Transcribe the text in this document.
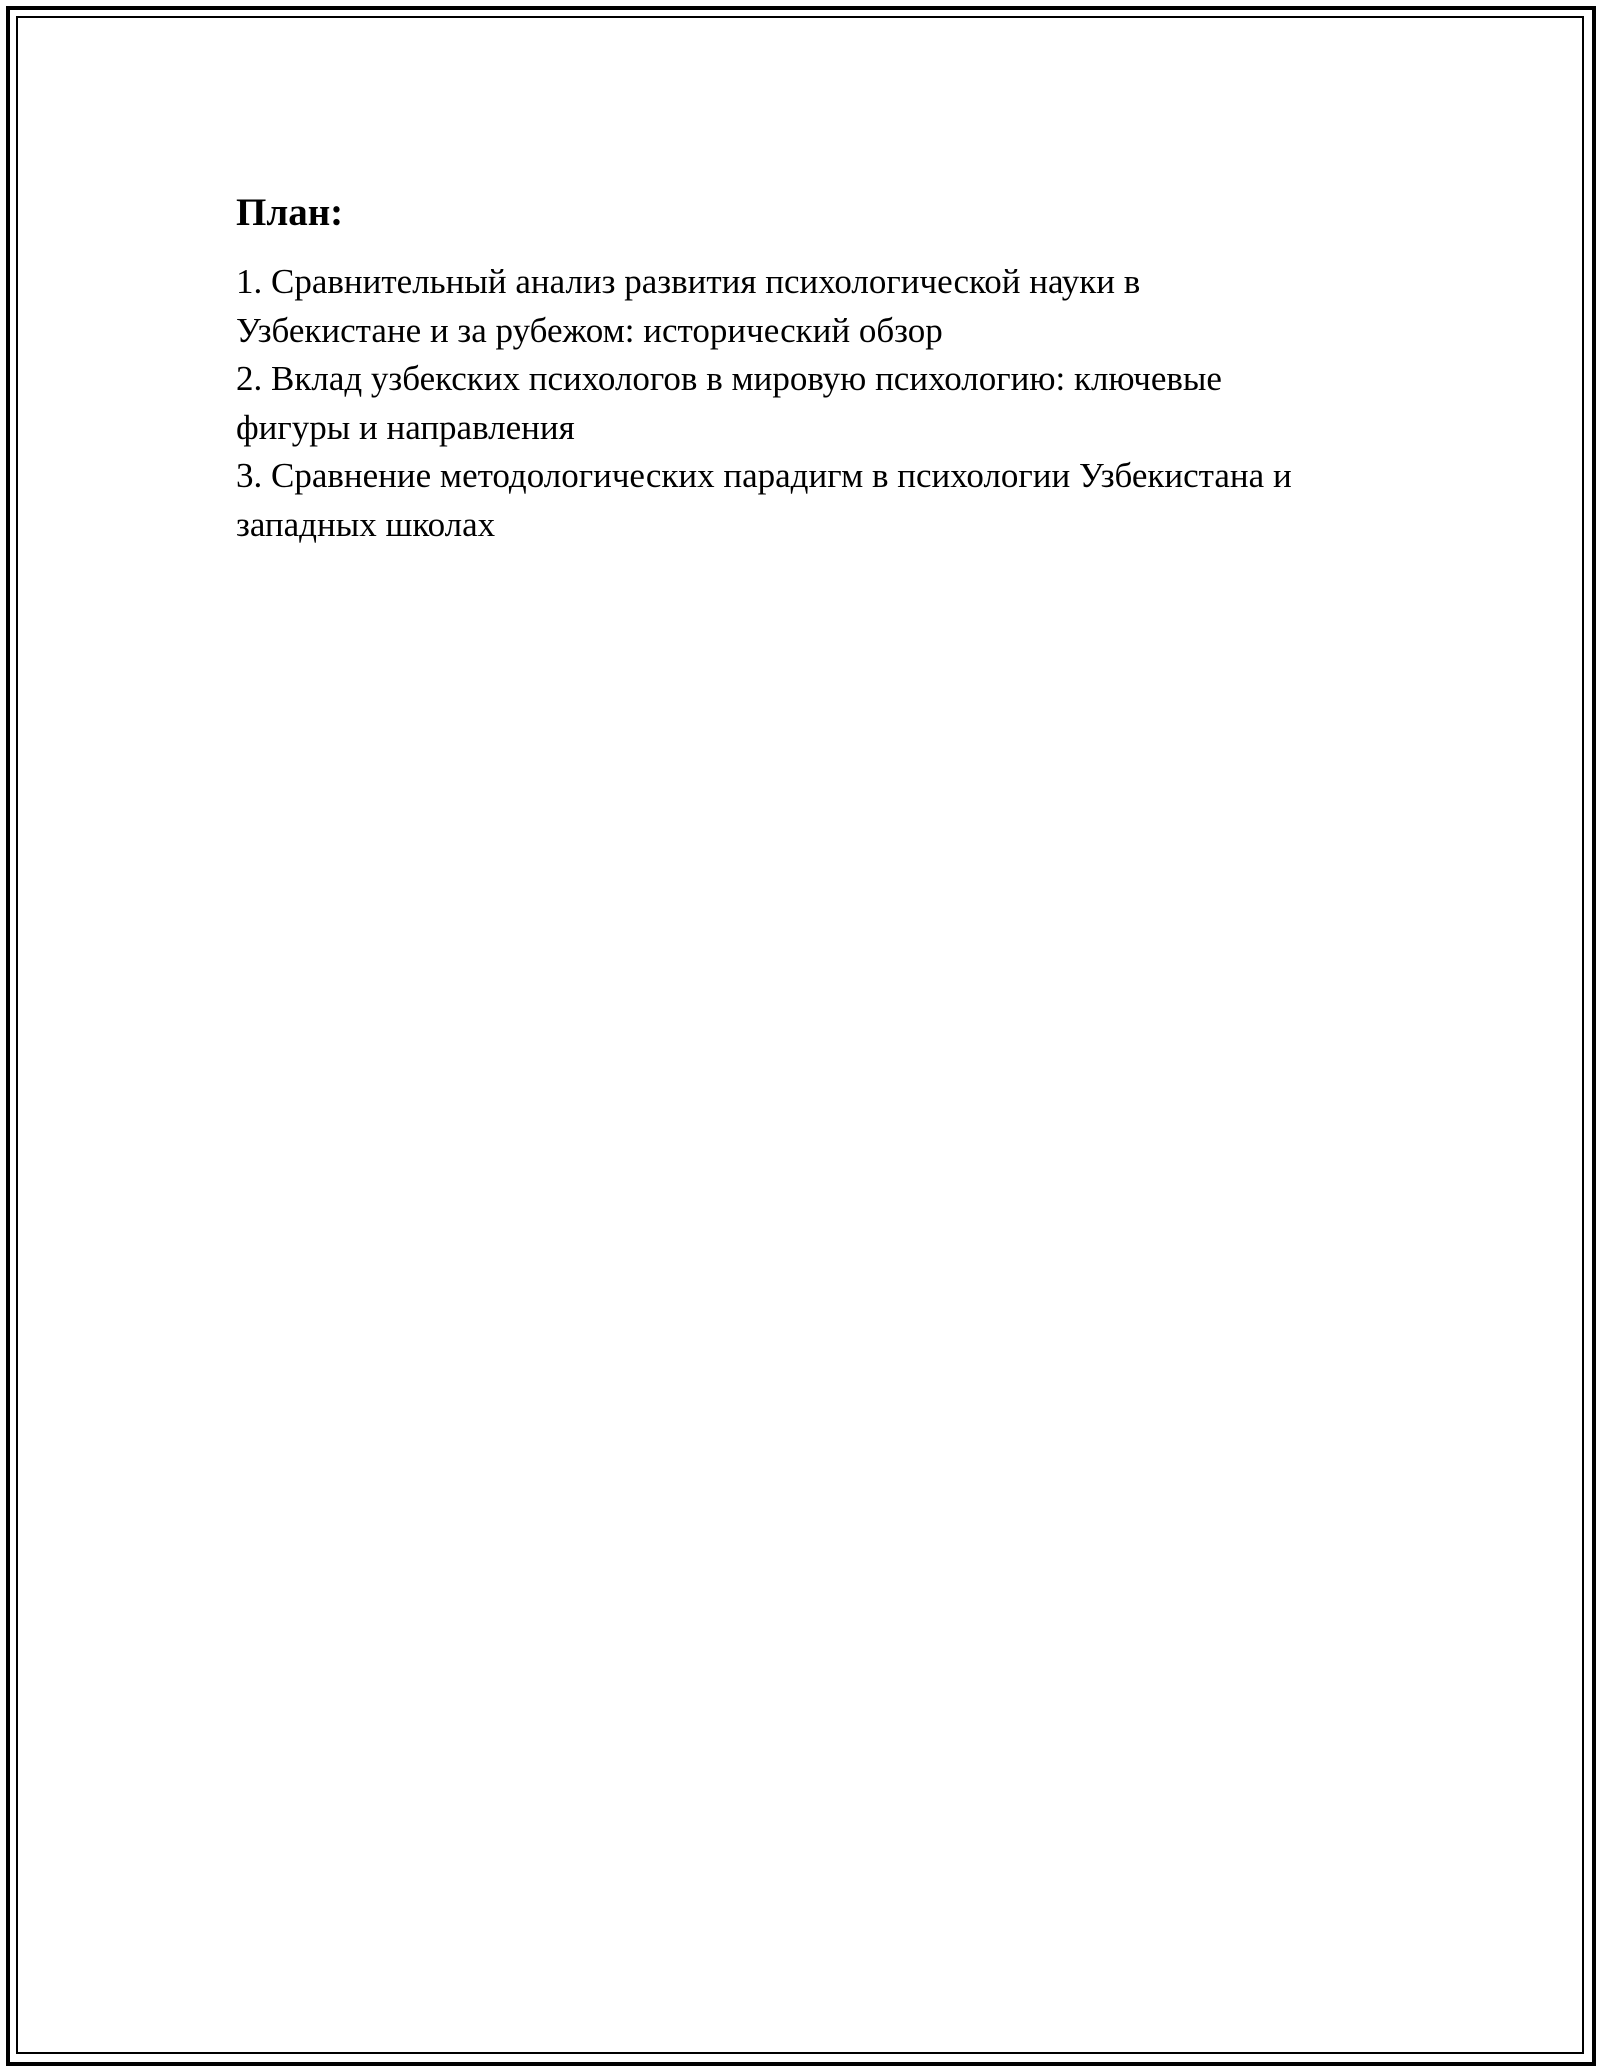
План:
1. Сравнительный анализ развития психологической науки в
Узбекистане и за рубежом: исторический обзор
2. Вклад узбекских психологов в мировую психологию: ключевые
фигуры и направления
3. Сравнение методологических парадигм в психологии Узбекистана и
западных школах
